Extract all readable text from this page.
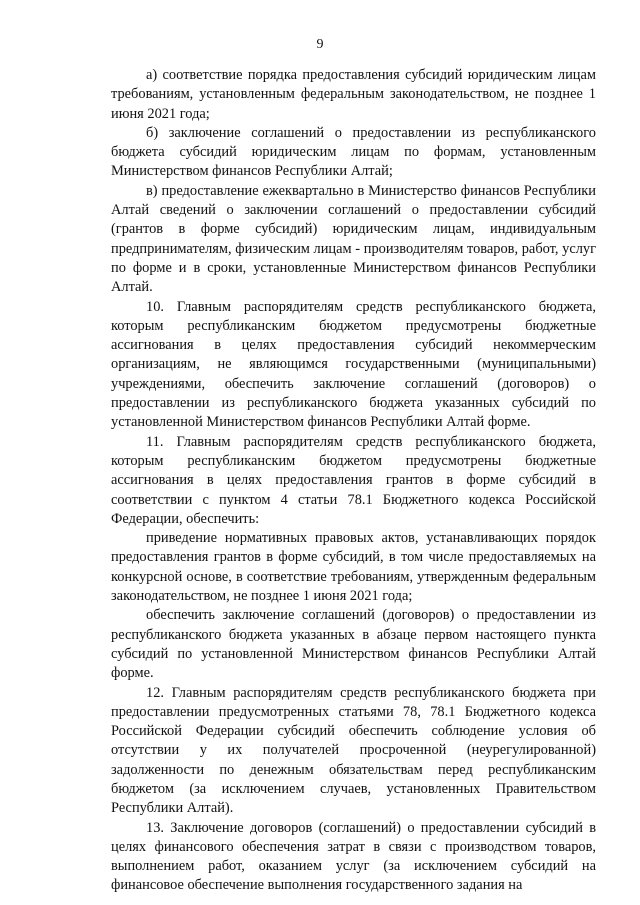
9

а) соответствие порядка предоставления субсидий юридическим лицам требованиям, установленным федеральным законодательством, не позднее 1 июня 2021 года;

б) заключение соглашений о предоставлении из республиканского бюджета субсидий юридическим лицам по формам, установленным Министерством финансов Республики Алтай;

в) предоставление ежеквартально в Министерство финансов Республики Алтай сведений о заключении соглашений о предоставлении субсидий (грантов в форме субсидий) юридическим лицам, индивидуальным предпринимателям, физическим лицам - производителям товаров, работ, услуг по форме и в сроки, установленные Министерством финансов Республики Алтай.

10. Главным распорядителям средств республиканского бюджета, которым республиканским бюджетом предусмотрены бюджетные ассигнования в целях предоставления субсидий некоммерческим организациям, не являющимся государственными (муниципальными) учреждениями, обеспечить заключение соглашений (договоров) о предоставлении из республиканского бюджета указанных субсидий по установленной Министерством финансов Республики Алтай форме.

11. Главным распорядителям средств республиканского бюджета, которым республиканским бюджетом предусмотрены бюджетные ассигнования в целях предоставления грантов в форме субсидий в соответствии с пунктом 4 статьи 78.1 Бюджетного кодекса Российской Федерации, обеспечить:

приведение нормативных правовых актов, устанавливающих порядок предоставления грантов в форме субсидий, в том числе предоставляемых на конкурсной основе, в соответствие требованиям, утвержденным федеральным законодательством, не позднее 1 июня 2021 года;

обеспечить заключение соглашений (договоров) о предоставлении из республиканского бюджета указанных в абзаце первом настоящего пункта субсидий по установленной Министерством финансов Республики Алтай форме.

12. Главным распорядителям средств республиканского бюджета при предоставлении предусмотренных статьями 78, 78.1 Бюджетного кодекса Российской Федерации субсидий обеспечить соблюдение условия об отсутствии у их получателей просроченной (неурегулированной) задолженности по денежным обязательствам перед республиканским бюджетом (за исключением случаев, установленных Правительством Республики Алтай).

13. Заключение договоров (соглашений) о предоставлении субсидий в целях финансового обеспечения затрат в связи с производством товаров, выполнением работ, оказанием услуг (за исключением субсидий на финансовое обеспечение выполнения государственного задания на
